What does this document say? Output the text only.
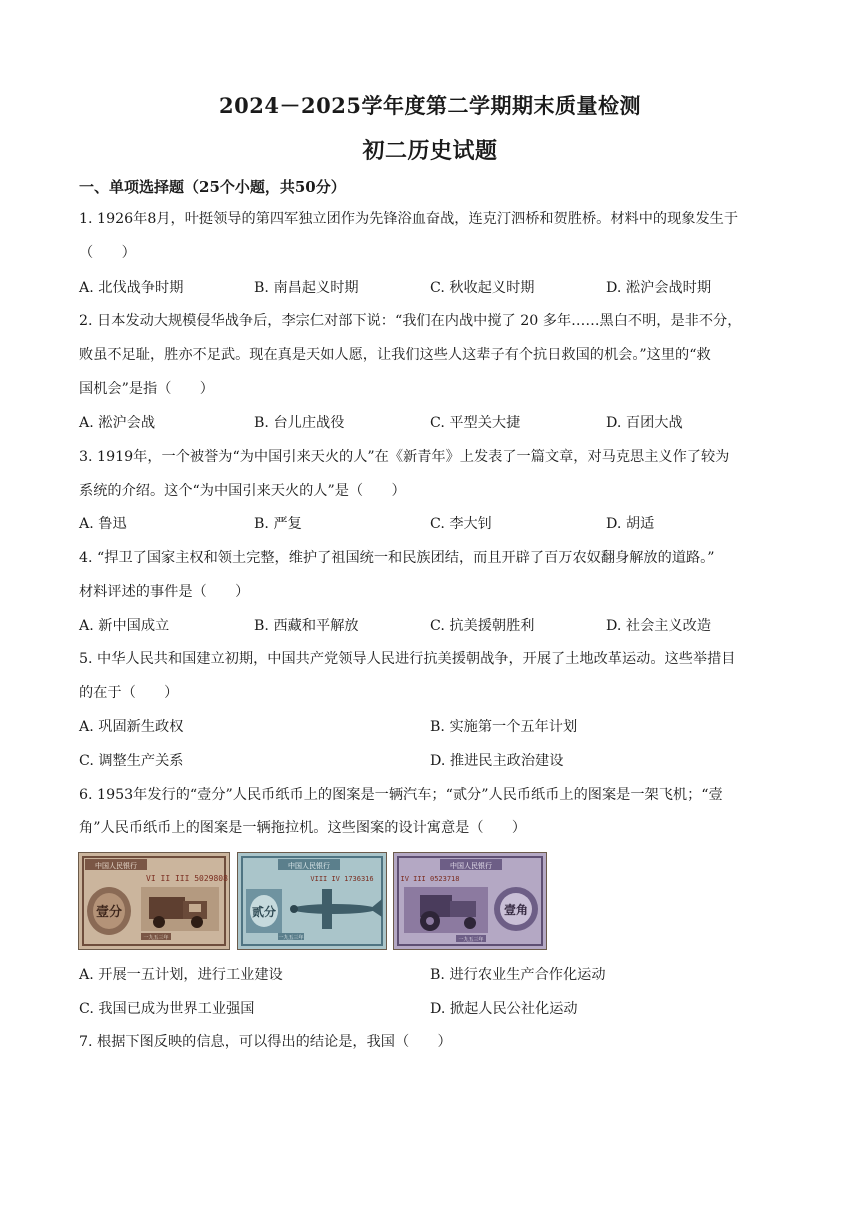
2024－2025学年度第二学期期末质量检测
初二历史试题
一、单项选择题（25个小题，共50分）
1. 1926年8月，叶挺领导的第四军独立团作为先锋浴血奋战，连克汀泗桥和贺胜桥。材料中的现象发生于
（　　）
A. 北伐战争时期	B. 南昌起义时期	C. 秋收起义时期	D. 淞沪会战时期
2. 日本发动大规模侵华战争后，李宗仁对部下说：“我们在内战中搅了 20 多年……黑白不明，是非不分，
败虽不足耻，胜亦不足武。现在真是天如人愿，让我们这些人这辈子有个抗日救国的机会。”这里的“救
国机会”是指（　　）
A. 淞沪会战	B. 台儿庄战役	C. 平型关大捷	D. 百团大战
3. 1919年，一个被誉为“为中国引来天火的人”在《新青年》上发表了一篇文章，对马克思主义作了较为
系统的介绍。这个“为中国引来天火的人”是（　　）
A. 鲁迅	B. 严复	C. 李大钊	D. 胡适
4. “捍卫了国家主权和领土完整，维护了祖国统一和民族团结，而且开辟了百万农奴翻身解放的道路。”
材料评述的事件是（　　）
A. 新中国成立	B. 西藏和平解放	C. 抗美援朝胜利	D. 社会主义改造
5. 中华人民共和国建立初期，中国共产党领导人民进行抗美援朝战争，开展了土地改革运动。这些举措目
的在于（　　）
A. 巩固新生政权	B. 实施第一个五年计划
C. 调整生产关系	D. 推进民主政治建设
6. 1953年发行的“壹分”人民币纸币上的图案是一辆汽车；“贰分”人民币纸币上的图案是一架飞机；“壹
角”人民币纸币上的图案是一辆拖拉机。这些图案的设计寓意是（　　）
中国人民银行
VI II III 5029808
壹分
一九五三年
中国人民银行
VIII IV 1736316
贰分
一九五三年
中国人民银行
IV III 0523718
壹角
一九五三年
A. 开展一五计划，进行工业建设	B. 进行农业生产合作化运动
C. 我国已成为世界工业强国	D. 掀起人民公社化运动
7. 根据下图反映的信息，可以得出的结论是，我国（　　）
